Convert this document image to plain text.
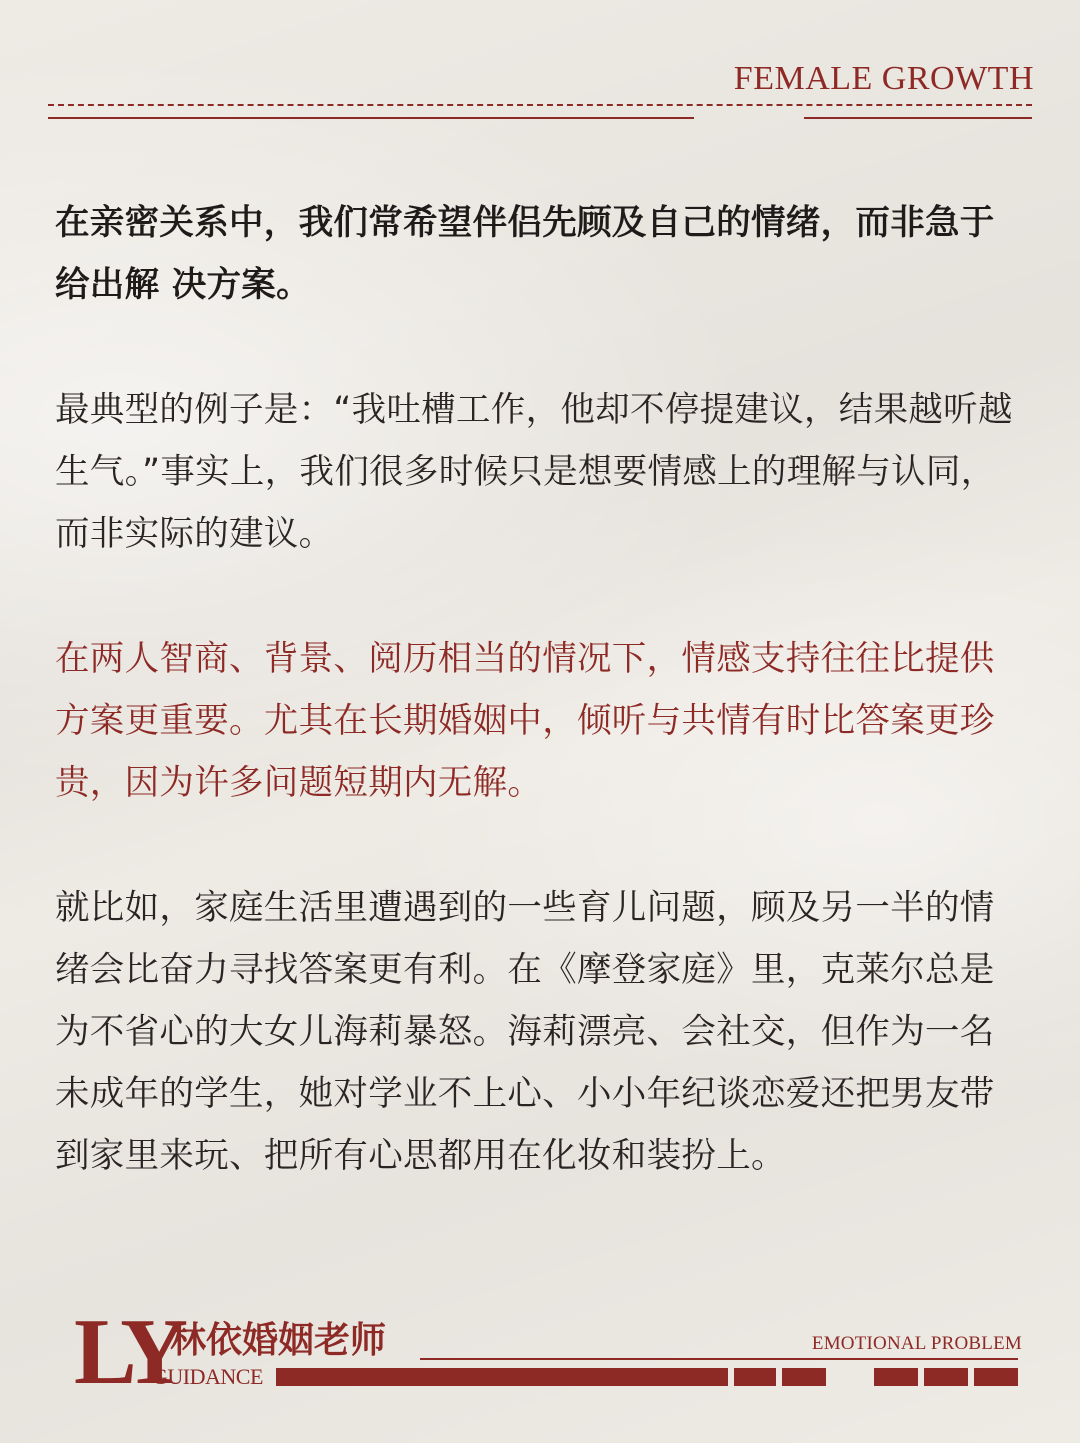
FEMALE GROWTH

在亲密关系中，我们常希望伴侣先顾及自己的情绪，而非急于给出解 决方案。

最典型的例子是：“我吐槽工作，他却不停提建议，结果越听越生气。”事实上，我们很多时候只是想要情感上的理解与认同，而非实际的建议。

在两人智商、背景、阅历相当的情况下，情感支持往往比提供方案更重要。尤其在长期婚姻中，倾听与共情有时比答案更珍贵，因为许多问题短期内无解。

就比如，家庭生活里遭遇到的一些育儿问题，顾及另一半的情绪会比奋力寻找答案更有利。在《摩登家庭》里，克莱尔总是为不省心的大女儿海莉暴怒。海莉漂亮、会社交，但作为一名未成年的学生，她对学业不上心、小小年纪谈恋爱还把男友带到家里来玩、把所有心思都用在化妆和装扮上。

LY
林依婚姻老师
GUIDANCE
EMOTIONAL PROBLEM
